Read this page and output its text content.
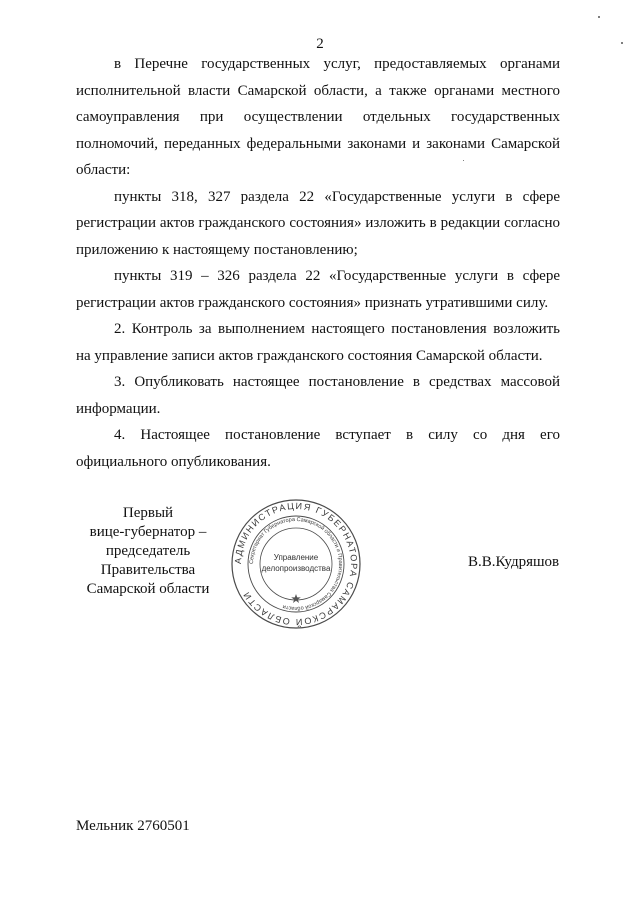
2

в Перечне государственных услуг, предоставляемых органами исполнительной власти Самарской области, а также органами местного самоуправления при осуществлении отдельных государственных полномочий, переданных федеральными законами и законами Самарской области:

пункты 318, 327 раздела 22 «Государственные услуги в сфере регистрации актов гражданского состояния» изложить в редакции согласно приложению к настоящему постановлению;

пункты 319 – 326 раздела 22 «Государственные услуги в сфере регистрации актов гражданского состояния» признать утратившими силу.

2. Контроль за выполнением настоящего постановления возложить на управление записи актов гражданского состояния Самарской области.

3. Опубликовать настоящее постановление в средствах массовой информации.

4. Настоящее постановление вступает в силу со дня его официального опубликования.

Первый
вице-губернатор –
председатель Правительства
Самарской области
АДМИНИСТРАЦИЯ ГУБЕРНАТОРА САМАРСКОЙ ОБЛАСТИ
Секретариат Губернатора Самарской области и Правительства Самарской области
Управление
делопроизводства	В.В.Кудряшов
Мельник 2760501
